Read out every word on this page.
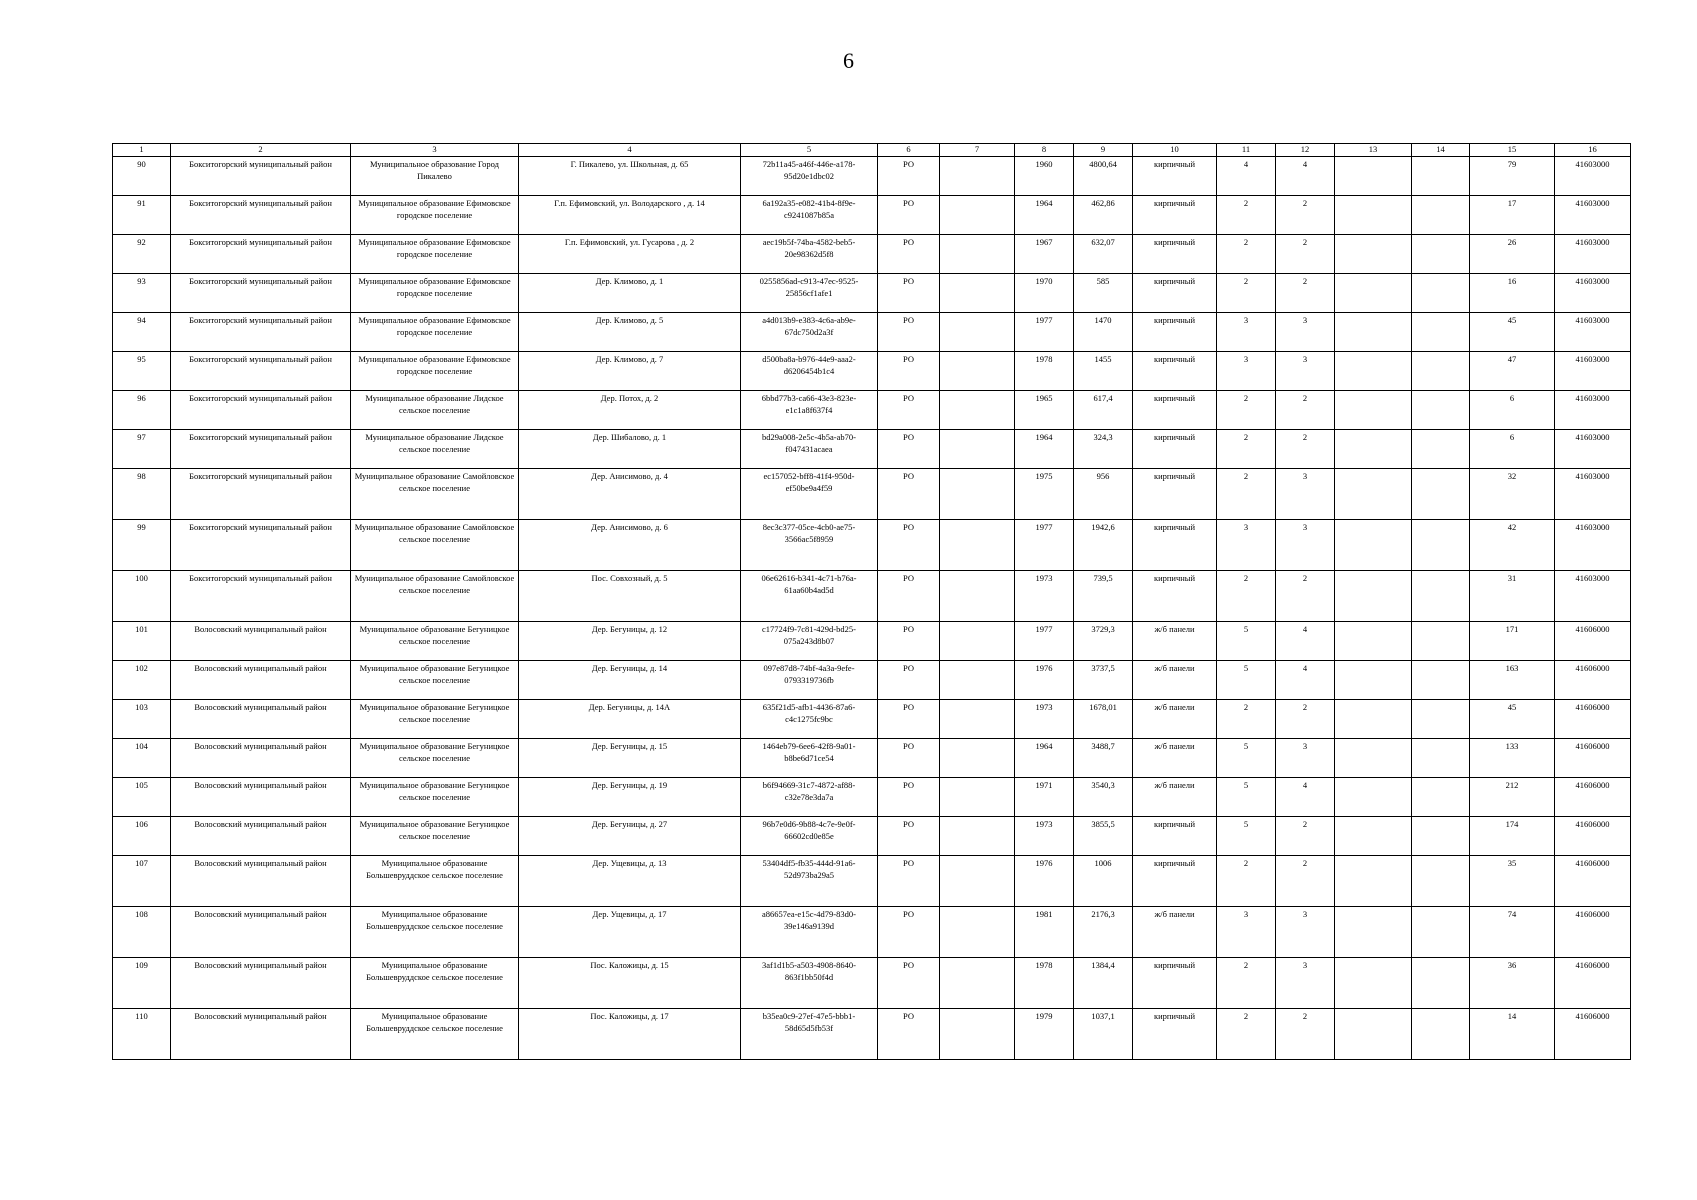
6
1	2	3	4	5	6	7	8	9	10	11	12	13	14	15	16
90	Бокситогорский муниципальный район	Муниципальное образование Город Пикалево	Г. Пикалево, ул. Школьная, д. 65	72b11a45-a46f-446e-a178-95d20e1dbc02	РО		1960	4800,64	кирпичный	4	4			79	41603000
91	Бокситогорский муниципальный район	Муниципальное образование Ефимовское городское поселение	Г.п. Ефимовский, ул. Володарского , д. 14	6a192a35-e082-41b4-8f9e-c9241087b85a	РО		1964	462,86	кирпичный	2	2			17	41603000
92	Бокситогорский муниципальный район	Муниципальное образование Ефимовское городское поселение	Г.п. Ефимовский, ул. Гусарова , д. 2	aec19b5f-74ba-4582-beb5-20e98362d5f8	РО		1967	632,07	кирпичный	2	2			26	41603000
93	Бокситогорский муниципальный район	Муниципальное образование Ефимовское городское поселение	Дер. Климово, д. 1	0255856ad-c913-47ec-9525-25856cf1afe1	РО		1970	585	кирпичный	2	2			16	41603000
94	Бокситогорский муниципальный район	Муниципальное образование Ефимовское городское поселение	Дер. Климово, д. 5	a4d013b9-e383-4c6a-ab9e-67dc750d2a3f	РО		1977	1470	кирпичный	3	3			45	41603000
95	Бокситогорский муниципальный район	Муниципальное образование Ефимовское городское поселение	Дер. Климово, д. 7	d500ba8a-b976-44e9-aaa2-d6206454b1c4	РО		1978	1455	кирпичный	3	3			47	41603000
96	Бокситогорский муниципальный район	Муниципальное образование Лидское сельское поселение	Дер. Потох, д. 2	6bbd77b3-ca66-43e3-823e-e1c1a8f637f4	РО		1965	617,4	кирпичный	2	2			6	41603000
97	Бокситогорский муниципальный район	Муниципальное образование Лидское сельское поселение	Дер. Шибалово, д. 1	bd29a008-2e5c-4b5a-ab70-f047431acaea	РО		1964	324,3	кирпичный	2	2			6	41603000
98	Бокситогорский муниципальный район	Муниципальное образование Самойловское сельское поселение	Дер. Анисимово, д. 4	ec157052-bff8-41f4-950d-ef50be9a4f59	РО		1975	956	кирпичный	2	3			32	41603000
99	Бокситогорский муниципальный район	Муниципальное образование Самойловское сельское поселение	Дер. Анисимово, д. 6	8ec3c377-05ce-4cb0-ae75-3566ac5f8959	РО		1977	1942,6	кирпичный	3	3			42	41603000
100	Бокситогорский муниципальный район	Муниципальное образование Самойловское сельское поселение	Пос. Совхозный, д. 5	06e62616-b341-4c71-b76a-61aa60b4ad5d	РО		1973	739,5	кирпичный	2	2			31	41603000
101	Волосовский муниципальный район	Муниципальное образование Бегуницкое сельское поселение	Дер. Бегуницы, д. 12	c17724f9-7c81-429d-bd25-075a243d8b07	РО		1977	3729,3	ж/б панели	5	4			171	41606000
102	Волосовский муниципальный район	Муниципальное образование Бегуницкое сельское поселение	Дер. Бегуницы, д. 14	097e87d8-74bf-4a3a-9efe-0793319736fb	РО		1976	3737,5	ж/б панели	5	4			163	41606000
103	Волосовский муниципальный район	Муниципальное образование Бегуницкое сельское поселение	Дер. Бегуницы, д. 14А	635f21d5-afb1-4436-87a6-c4c1275fc9bc	РО		1973	1678,01	ж/б панели	2	2			45	41606000
104	Волосовский муниципальный район	Муниципальное образование Бегуницкое сельское поселение	Дер. Бегуницы, д. 15	1464eb79-6ee6-42f8-9a01-b8be6d71ce54	РО		1964	3488,7	ж/б панели	5	3			133	41606000
105	Волосовский муниципальный район	Муниципальное образование Бегуницкое сельское поселение	Дер. Бегуницы, д. 19	b6f94669-31c7-4872-af88-c32e78e3da7a	РО		1971	3540,3	ж/б панели	5	4			212	41606000
106	Волосовский муниципальный район	Муниципальное образование Бегуницкое сельское поселение	Дер. Бегуницы, д. 27	96b7e0d6-9b88-4c7e-9e0f-66602cd0e85e	РО		1973	3855,5	кирпичный	5	2			174	41606000
107	Волосовский муниципальный район	Муниципальное образование Большевруддское сельское поселение	Дер. Ущевицы, д. 13	53404df5-fb35-444d-91a6-52d973ba29a5	РО		1976	1006	кирпичный	2	2			35	41606000
108	Волосовский муниципальный район	Муниципальное образование Большевруддское сельское поселение	Дер. Ущевицы, д. 17	a86657ea-e15c-4d79-83d0-39e146a9139d	РО		1981	2176,3	ж/б панели	3	3			74	41606000
109	Волосовский муниципальный район	Муниципальное образование Большевруддское сельское поселение	Пос. Каложицы, д. 15	3af1d1b5-a503-4908-8640-863f1bb50f4d	РО		1978	1384,4	кирпичный	2	3			36	41606000
110	Волосовский муниципальный район	Муниципальное образование Большевруддское сельское поселение	Пос. Каложицы, д. 17	b35ea0c9-27ef-47e5-bbb1-58d65d5fb53f	РО		1979	1037,1	кирпичный	2	2			14	41606000
